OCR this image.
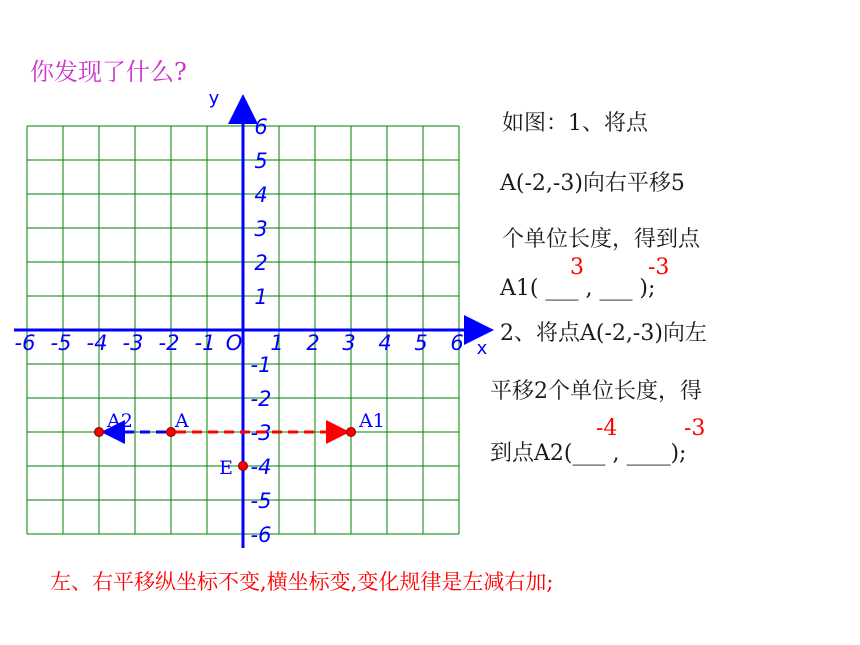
你发现了什么?
-6 -5 -4 -3 -2 -1	1 2 3 4 5 6
6
5
4
3
2
1
-1
-2
-3
-4
-5
-6
O	x
y
A	A1
A2
E
如图：1、将点
A(-2,-3)向右平移5
个单位长度，得到点
3	-3
A1( ___ , ___ );
2、将点A(-2,-3)向左
平移2个单位长度，得
-4	-3
到点A2(___ , ____);
左、右平移纵坐标不变,横坐标变,变化规律是左减右加;
